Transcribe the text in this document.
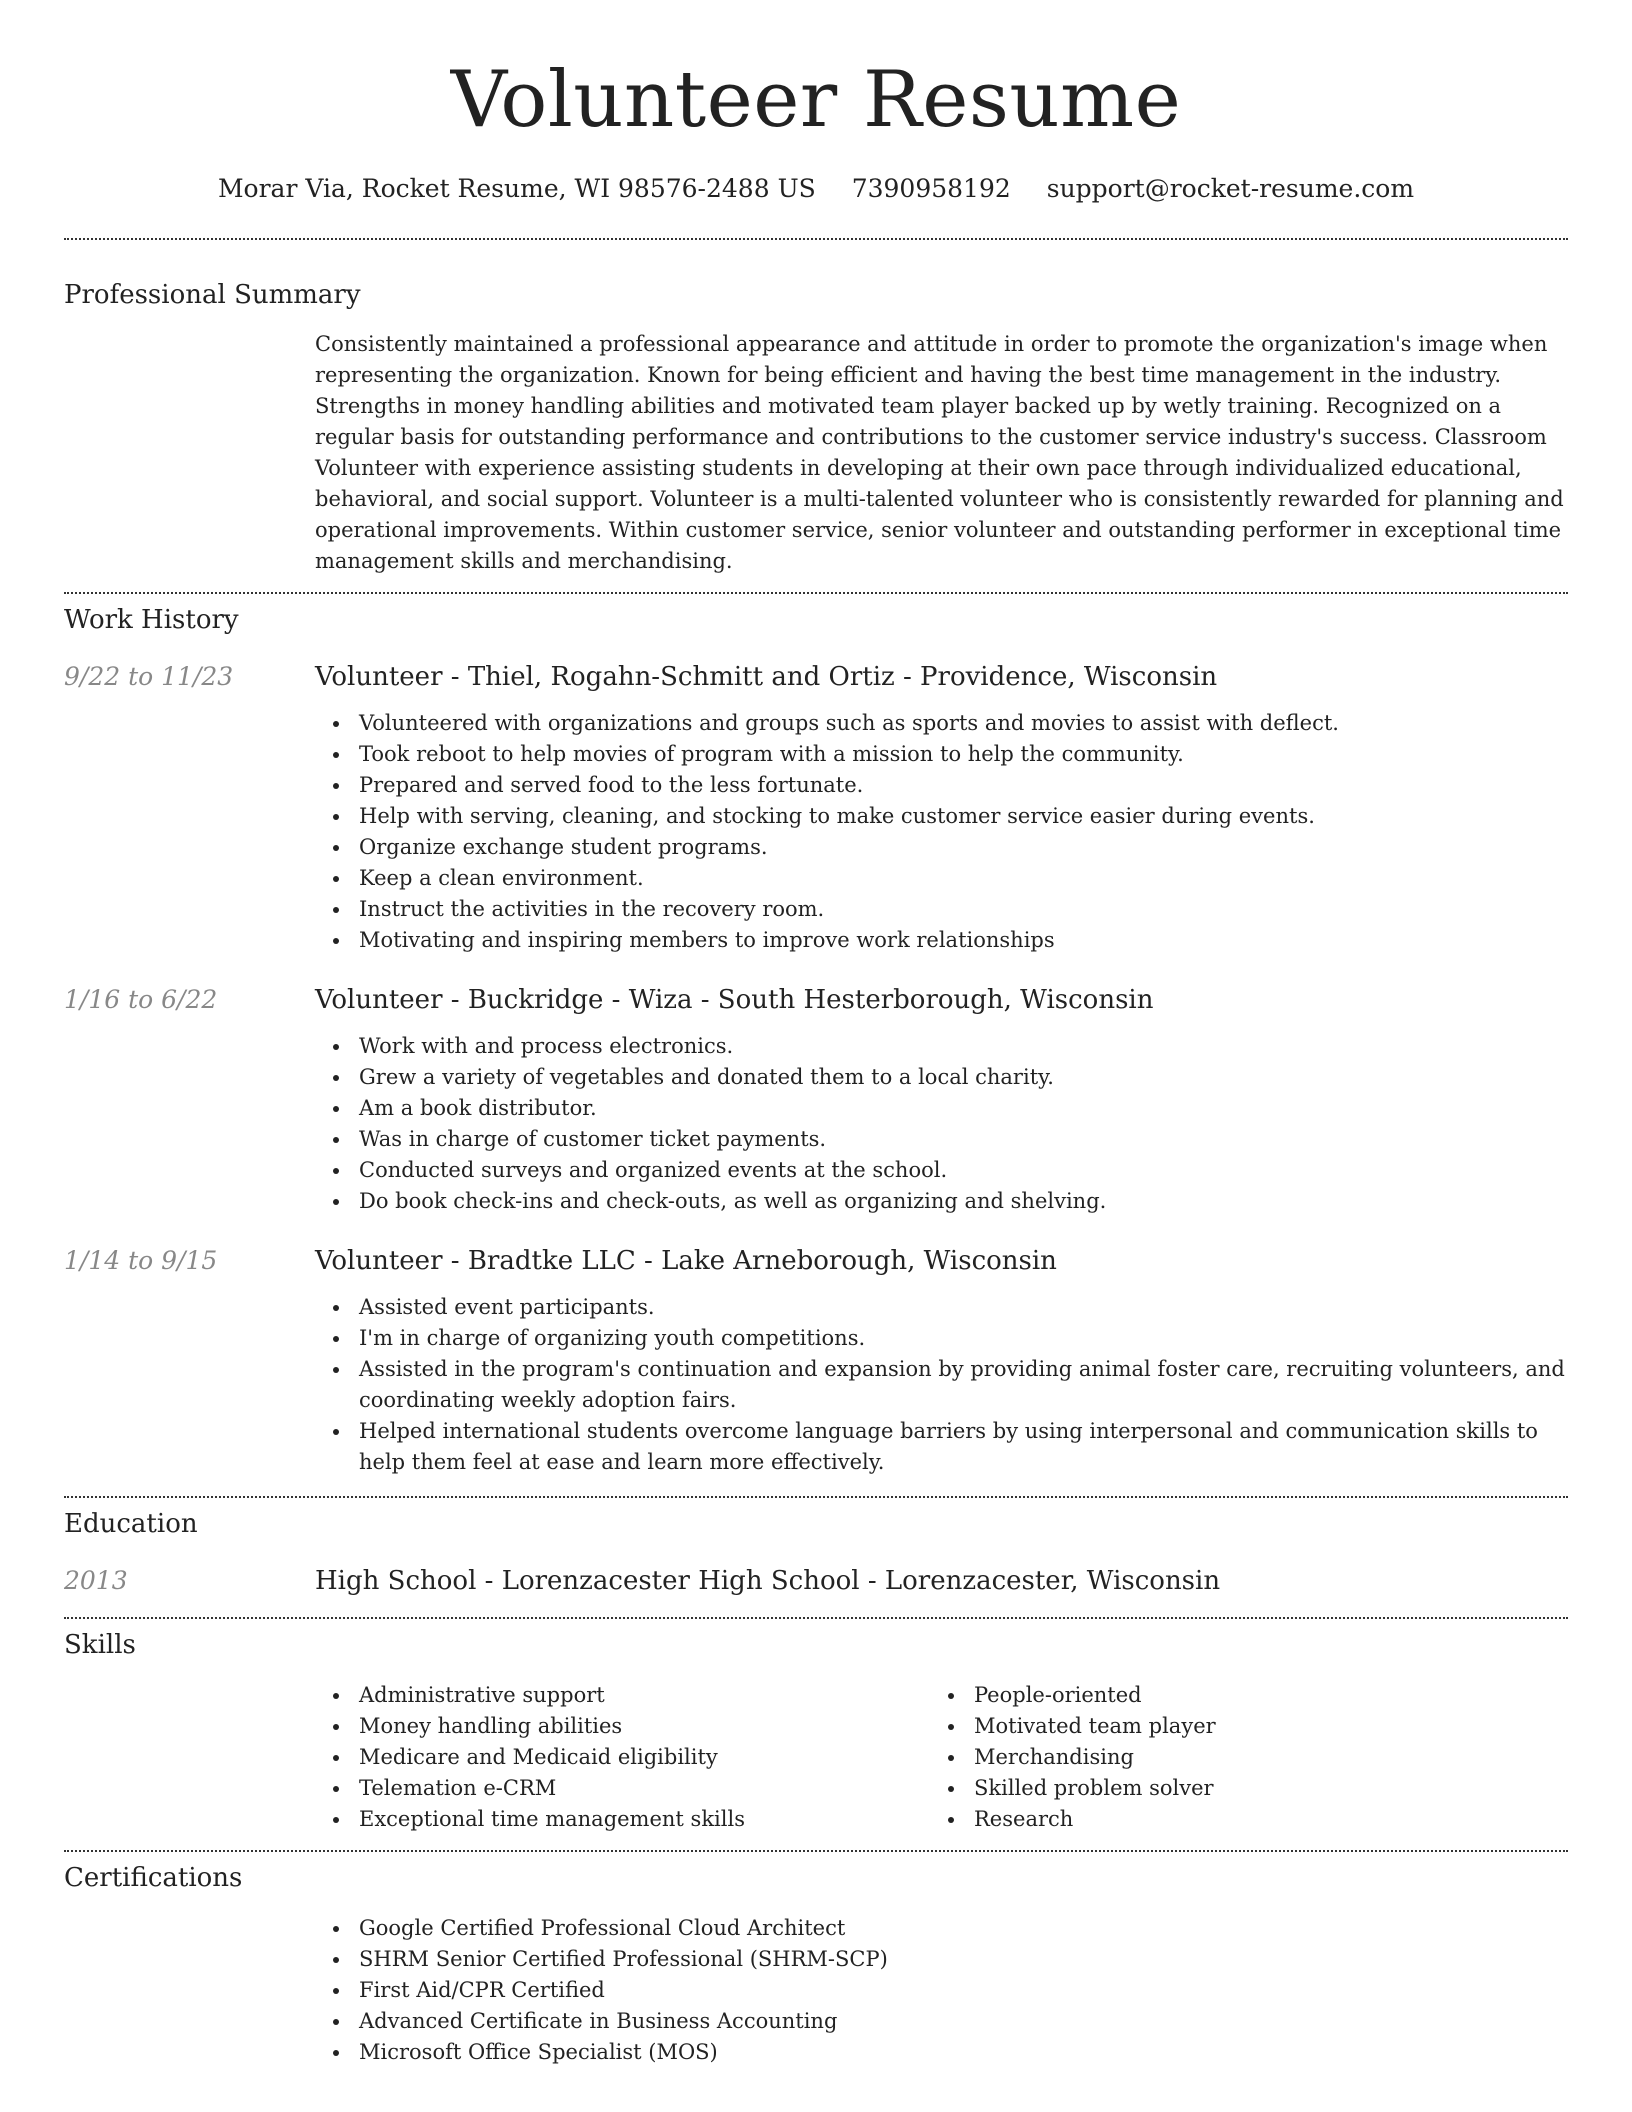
Volunteer Resume
Morar Via, Rocket Resume, WI 98576-2488 US 7390958192 support@rocket-resume.com
Professional Summary

Consistently maintained a professional appearance and attitude in order to promote the organization's image when representing the organization. Known for being efficient and having the best time management in the industry. Strengths in money handling abilities and motivated team player backed up by wetly training. Recognized on a regular basis for outstanding performance and contributions to the customer service industry's success. Classroom Volunteer with experience assisting students in developing at their own pace through individualized educational, behavioral, and social support. Volunteer is a multi-talented volunteer who is consistently rewarded for planning and operational improvements. Within customer service, senior volunteer and outstanding performer in exceptional time management skills and merchandising.

Work History
9/22 to 11/23	Volunteer - Thiel, Rogahn-Schmitt and Ortiz - Providence, Wisconsin
Volunteered with organizations and groups such as sports and movies to assist with deflect.
Took reboot to help movies of program with a mission to help the community.
Prepared and served food to the less fortunate.
Help with serving, cleaning, and stocking to make customer service easier during events.
Organize exchange student programs.
Keep a clean environment.
Instruct the activities in the recovery room.
Motivating and inspiring members to improve work relationships
1/16 to 6/22	Volunteer - Buckridge - Wiza - South Hesterborough, Wisconsin
Work with and process electronics.
Grew a variety of vegetables and donated them to a local charity.
Am a book distributor.
Was in charge of customer ticket payments.
Conducted surveys and organized events at the school.
Do book check-ins and check-outs, as well as organizing and shelving.
1/14 to 9/15	Volunteer - Bradtke LLC - Lake Arneborough, Wisconsin
Assisted event participants.
I'm in charge of organizing youth competitions.
Assisted in the program's continuation and expansion by providing animal foster care, recruiting volunteers, and coordinating weekly adoption fairs.
Helped international students overcome language barriers by using interpersonal and communication skills to help them feel at ease and learn more effectively.
Education
2013	High School - Lorenzacester High School - Lorenzacester, Wisconsin
Skills
Administrative support
Money handling abilities
Medicare and Medicaid eligibility
Telemation e-CRM
Exceptional time management skills
People-oriented
Motivated team player
Merchandising
Skilled problem solver
Research
Certifications
Google Certified Professional Cloud Architect
SHRM Senior Certified Professional (SHRM-SCP)
First Aid/CPR Certified
Advanced Certificate in Business Accounting
Microsoft Office Specialist (MOS)
